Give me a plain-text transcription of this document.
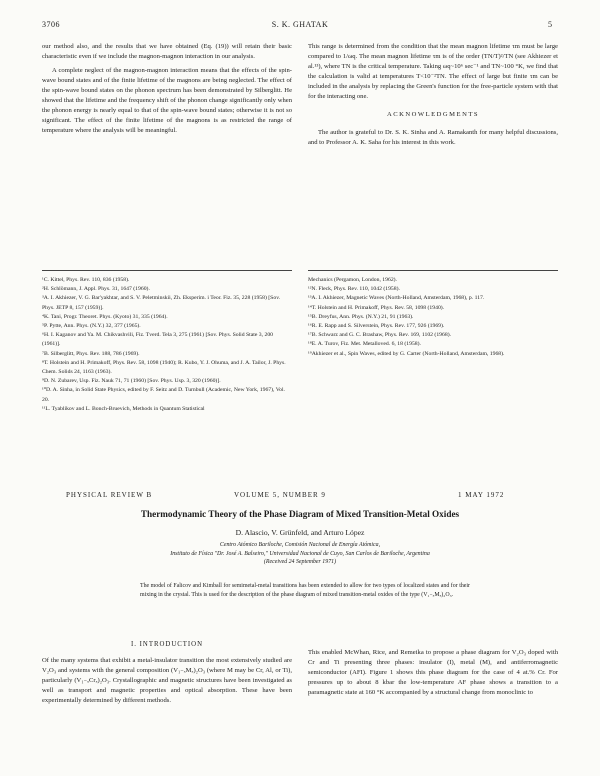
3706	S. K. GHATAK	5

our method also, and the results that we have obtained (Eq. (19)) will retain their basic characteristic even if we include the magnon-magnon interaction in our analysis.

A complete neglect of the magnon-magnon interaction means that the effects of the spin-wave bound states and of the finite lifetime of the magnons are being neglected. The effect of the spin-wave bound states on the phonon spectrum has been demonstrated by Silberglitt. He showed that the lifetime and the frequency shift of the phonon change significantly only when the phonon energy is nearly equal to that of the spin-wave bound states; otherwise it is not so significant. The effect of the finite lifetime of the magnons is as restricted the range of temperature where the analysis will be meaningful.

This range is determined from the condition that the mean magnon lifetime τm must be large compared to 1/ωq. The mean magnon lifetime τm is of the order (TN/T)²/TN (see Akhiezer et al.¹³), where TN is the critical temperature. Taking ωq~10⁶ sec⁻¹ and TN~100 °K, we find that the calculation is valid at temperatures T<10⁻²TN. The effect of large but finite τm can be included in the analysis by replacing the Green's function for the free-particle system with that for the interacting one.

ACKNOWLEDGMENTS

The author is grateful to Dr. S. K. Sinha and A. Ramakanth for many helpful discussions, and to Professor A. K. Saha for his interest in this work.

¹C. Kittel, Phys. Rev. 110, 836 (1958).
²H. Schlömann, J. Appl. Phys. 31, 1647 (1960).
³A. I. Akhiezer, V. G. Bar'yakhtar, and S. V. Peletminskii, Zh. Eksperim. i Teor. Fiz. 35, 228 (1958) [Sov. Phys. JETP 8, 157 (1959)].
⁴K. Tani, Progr. Theoret. Phys. (Kyoto) 31, 335 (1964).
⁵P. Pytte, Ann. Phys. (N.Y.) 32, 377 (1965).
⁶H. I. Kaganov and Ya. M. Chikvashvili, Fiz. Tverd. Tela 3, 275 (1961) [Sov. Phys. Solid State 3, 200 (1961)].
⁷B. Silberglitt, Phys. Rev. 188, 786 (1969).
⁸T. Holstein and H. Primakoff, Phys. Rev. 58, 1098 (1940); R. Kubo, Y. J. Ohuma, and J. A. Tailor, J. Phys. Chem. Solids 24, 1163 (1963).
⁹D. N. Zubarev, Usp. Fiz. Nauk 71, 71 (1960) [Sov. Phys. Usp. 3, 320 (1960)].
¹⁰D. A. Sinha, in Solid State Physics, edited by F. Seitz and D. Turnbull (Academic, New York, 1967), Vol. 20.
¹¹L. Tyablikov and L. Bonch-Bruevich, Methods in Quantum Statistical
Mechanics (Pergamon, London, 1962).
¹²N. Fleck, Phys. Rev. 110, 1042 (1958).
¹³A. I. Akhiezer, Magnetic Waves (North-Holland, Amsterdam, 1968), p. 117.
¹⁴T. Holstein and H. Primakoff, Phys. Rev. 58, 1098 (1940).
¹⁵B. Dreyfus, Ann. Phys. (N.Y.) 21, 91 (1963).
¹⁶R. E. Rapp and S. Silverstein, Phys. Rev. 177, 926 (1969).
¹⁷B. Schwarz and G. C. Brashaw, Phys. Rev. 169, 1102 (1968).
¹⁸E. A. Turov, Fiz. Met. Metalloved. 6, 18 (1958).
¹⁹Akhiezer et al., Spin Waves, edited by G. Carter (North-Holland, Amsterdam, 1968).
PHYSICAL REVIEW B	VOLUME 5, NUMBER 9	1 MAY 1972
Thermodynamic Theory of the Phase Diagram of Mixed Transition-Metal Oxides
D. Alascio, V. Grünfeld, and Arturo López
Centro Atómico Bariloche, Comisión Nacional de Energía Atómica,
Instituto de Física "Dr. José A. Balseiro," Universidad Nacional de Cuyo, San Carlos de Bariloche, Argentina
(Received 24 September 1971)
The model of Falicov and Kimball for semimetal-metal transitions has been extended to allow for two types of localized states and for their mixing in the crystal. This is used for the description of the phase diagram of mixed transition-metal oxides of the type (V₁₋ₓMₓ)₂O₃.
I. INTRODUCTION

Of the many systems that exhibit a metal-insulator transition the most extensively studied are V₂O₃ and systems with the general composition (V₁₋ₓMₓ)₂O₃ (where M may be Cr, Al, or Ti), particularly (V₁₋ₓCrₓ)₂O₃. Crystallographic and magnetic structures have been investigated as well as transport and magnetic properties and optical absorption. These have been experimentally determined by different methods.

This enabled McWhan, Rice, and Remeika to propose a phase diagram for V₂O₃ doped with Cr and Ti presenting three phases: insulator (I), metal (M), and antiferromagnetic semiconductor (AFI). Figure 1 shows this phase diagram for the case of 4 at.% Cr. For pressures up to about 8 kbar the low-temperature AF phase shows a transition to a paramagnetic state at 160 °K accompanied by a structural change from monoclinic to
